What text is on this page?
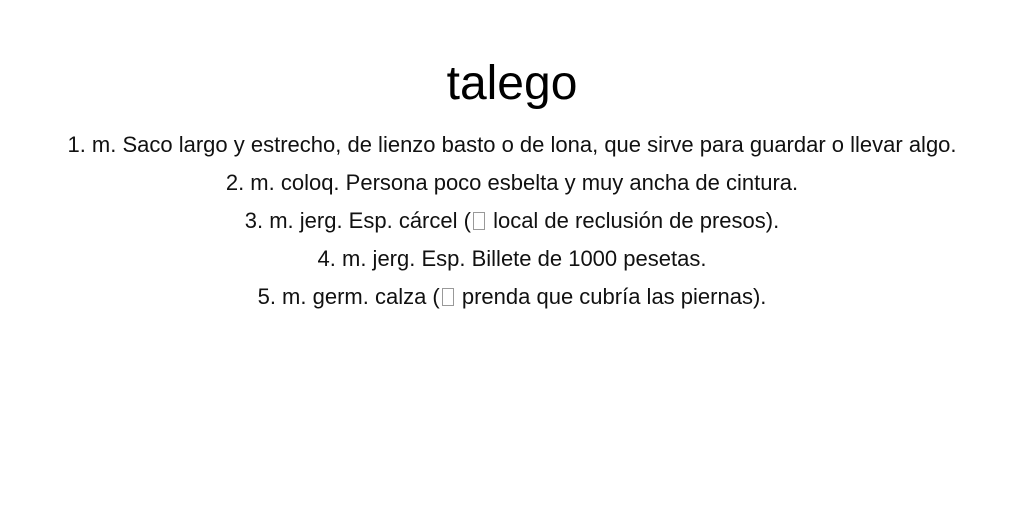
talego
1. m. Saco largo y estrecho, de lienzo basto o de lona, que sirve para guardar o llevar algo.
2. m. coloq. Persona poco esbelta y muy ancha de cintura.
3. m. jerg. Esp. cárcel ( local de reclusión de presos).
4. m. jerg. Esp. Billete de 1000 pesetas.
5. m. germ. calza ( prenda que cubría las piernas).
